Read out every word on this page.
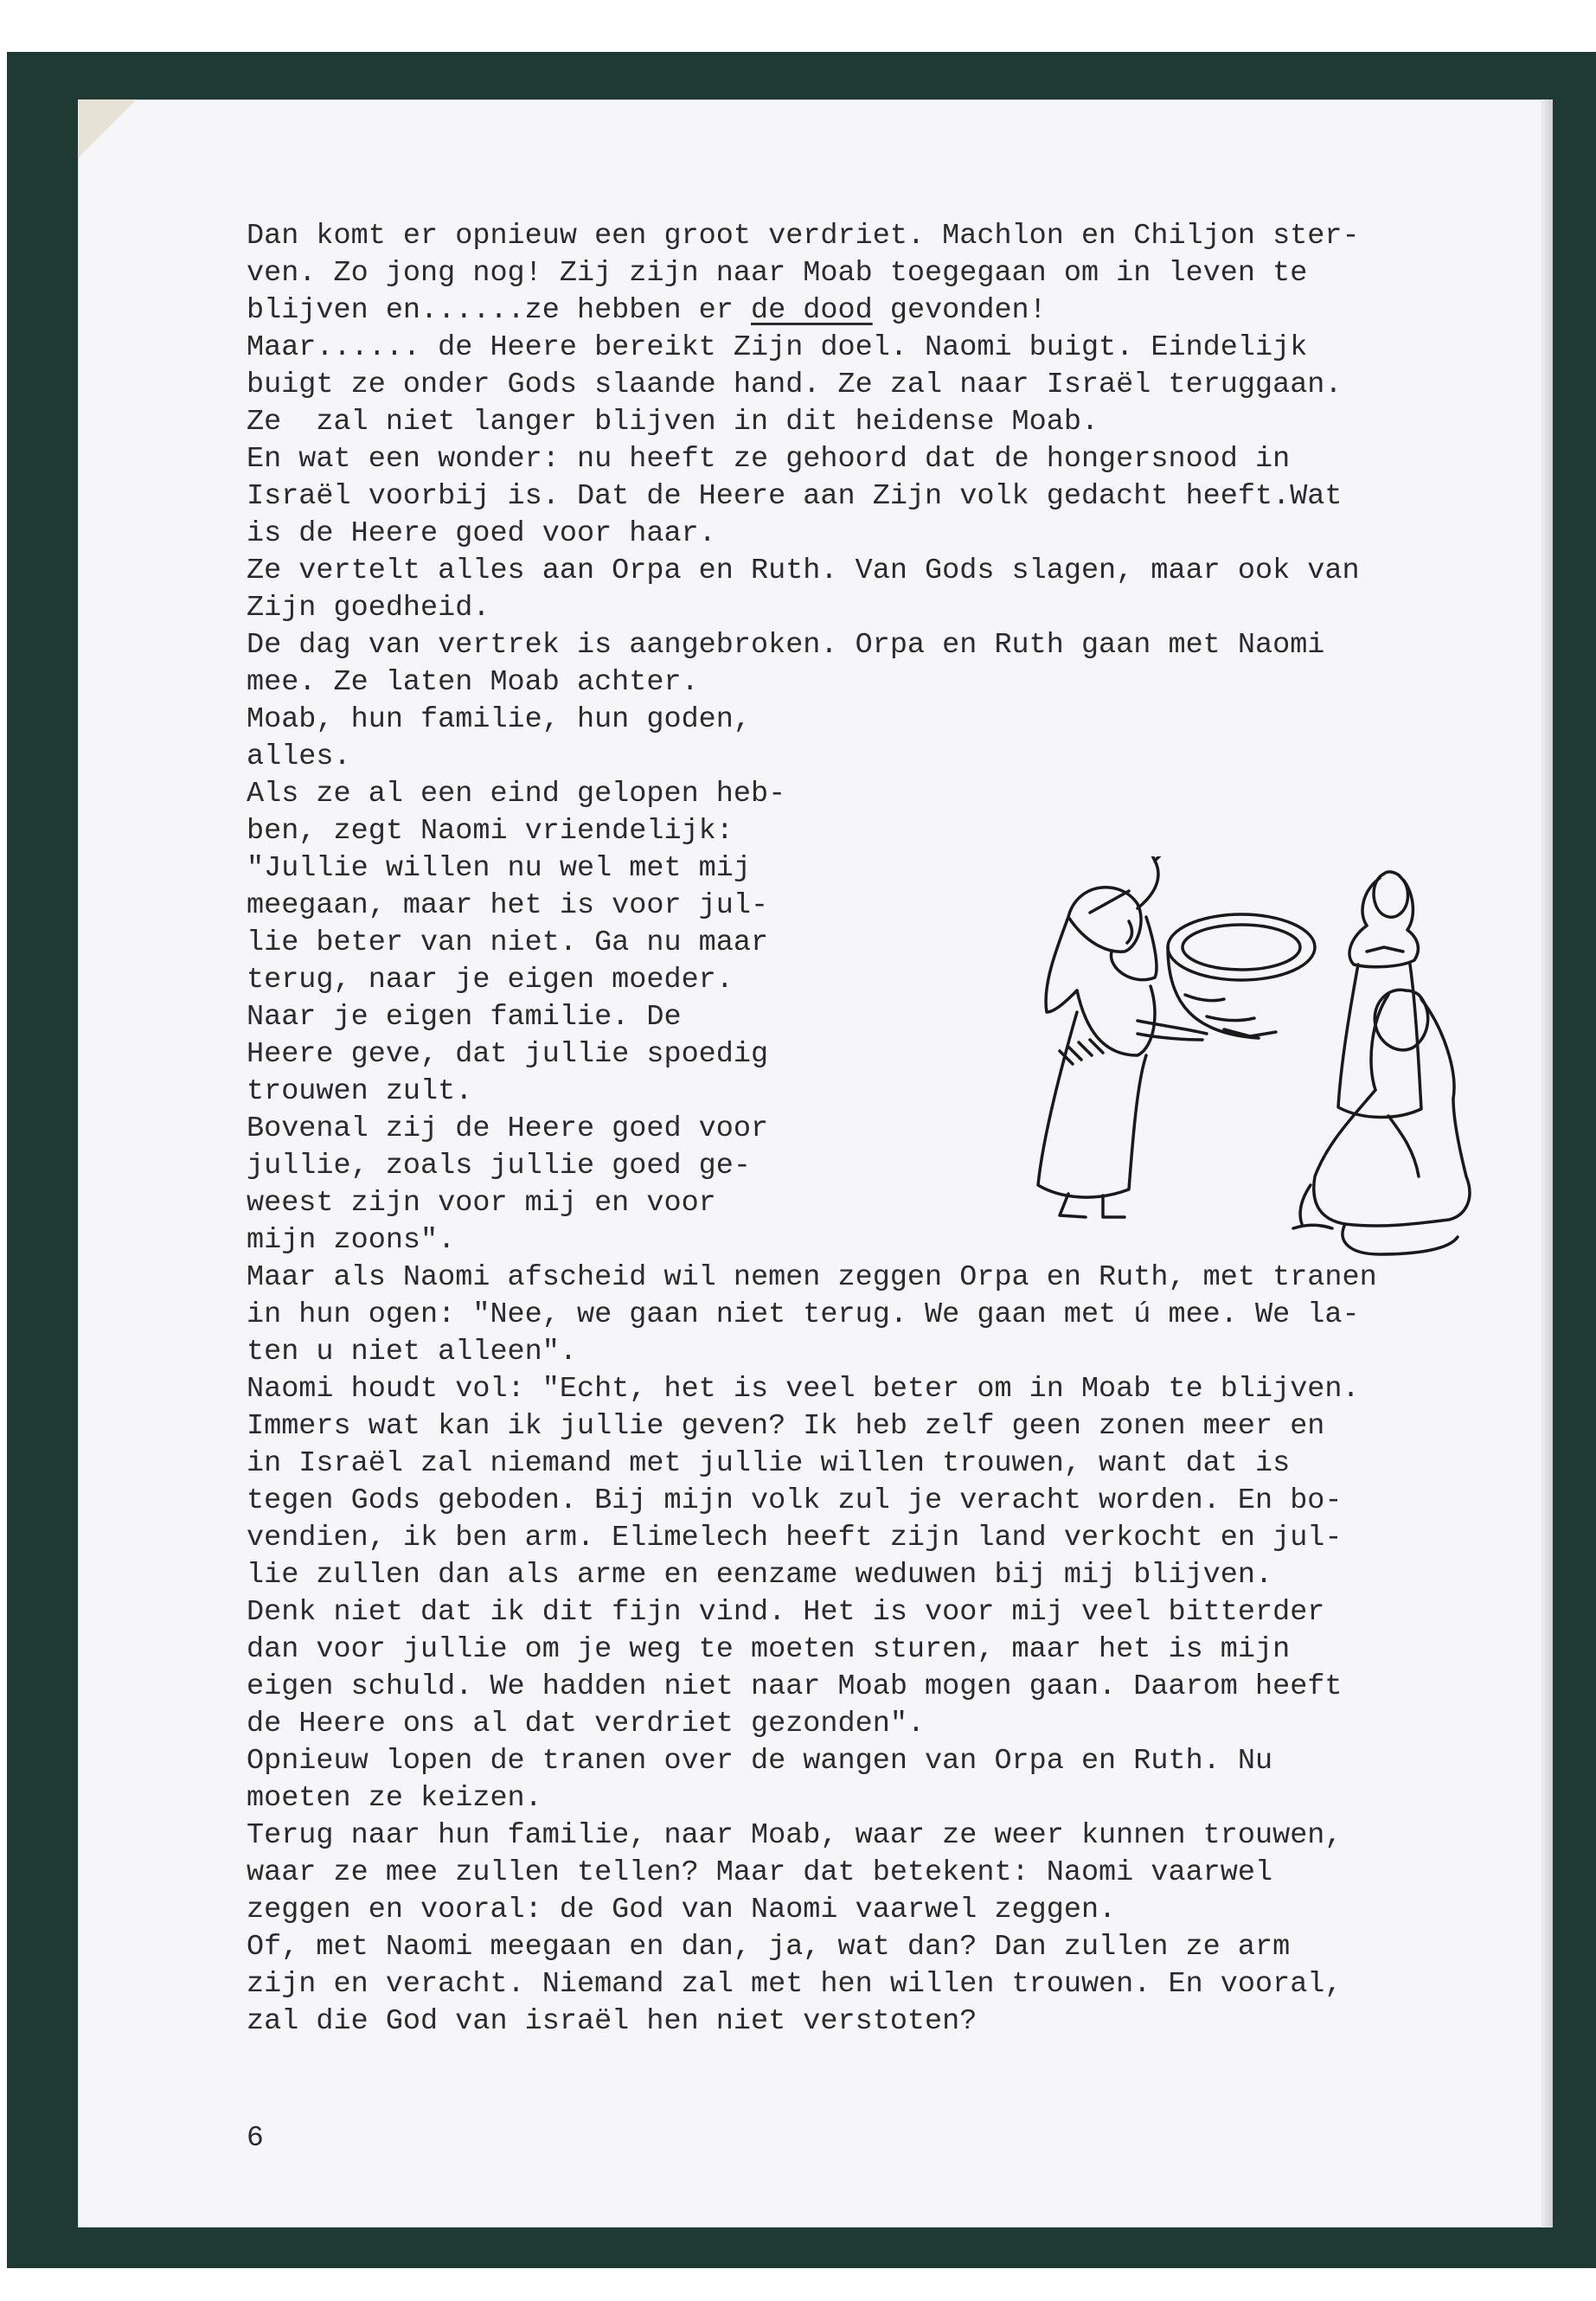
Dan komt er opnieuw een groot verdriet. Machlon en Chiljon ster-
ven. Zo jong nog! Zij zijn naar Moab toegegaan om in leven te
blijven en......ze hebben er de dood gevonden!
Maar...... de Heere bereikt Zijn doel. Naomi buigt. Eindelijk
buigt ze onder Gods slaande hand. Ze zal naar Israël teruggaan.
Ze  zal niet langer blijven in dit heidense Moab.
En wat een wonder: nu heeft ze gehoord dat de hongersnood in
Israël voorbij is. Dat de Heere aan Zijn volk gedacht heeft.Wat
is de Heere goed voor haar.
Ze vertelt alles aan Orpa en Ruth. Van Gods slagen, maar ook van
Zijn goedheid.
De dag van vertrek is aangebroken. Orpa en Ruth gaan met Naomi
mee. Ze laten Moab achter.
Moab, hun familie, hun goden,
alles.
Als ze al een eind gelopen heb-
ben, zegt Naomi vriendelijk:
"Jullie willen nu wel met mij
meegaan, maar het is voor jul-
lie beter van niet. Ga nu maar
terug, naar je eigen moeder.
Naar je eigen familie. De
Heere geve, dat jullie spoedig
trouwen zult.
Bovenal zij de Heere goed voor
jullie, zoals jullie goed ge-
weest zijn voor mij en voor
mijn zoons".
Maar als Naomi afscheid wil nemen zeggen Orpa en Ruth, met tranen
in hun ogen: "Nee, we gaan niet terug. We gaan met ú mee. We la-
ten u niet alleen".
Naomi houdt vol: "Echt, het is veel beter om in Moab te blijven.
Immers wat kan ik jullie geven? Ik heb zelf geen zonen meer en
in Israël zal niemand met jullie willen trouwen, want dat is
tegen Gods geboden. Bij mijn volk zul je veracht worden. En bo-
vendien, ik ben arm. Elimelech heeft zijn land verkocht en jul-
lie zullen dan als arme en eenzame weduwen bij mij blijven.
Denk niet dat ik dit fijn vind. Het is voor mij veel bitterder
dan voor jullie om je weg te moeten sturen, maar het is mijn
eigen schuld. We hadden niet naar Moab mogen gaan. Daarom heeft
de Heere ons al dat verdriet gezonden".
Opnieuw lopen de tranen over de wangen van Orpa en Ruth. Nu
moeten ze keizen.
Terug naar hun familie, naar Moab, waar ze weer kunnen trouwen,
waar ze mee zullen tellen? Maar dat betekent: Naomi vaarwel
zeggen en vooral: de God van Naomi vaarwel zeggen.
Of, met Naomi meegaan en dan, ja, wat dan? Dan zullen ze arm
zijn en veracht. Niemand zal met hen willen trouwen. En vooral,
zal die God van israël hen niet verstoten?
6
